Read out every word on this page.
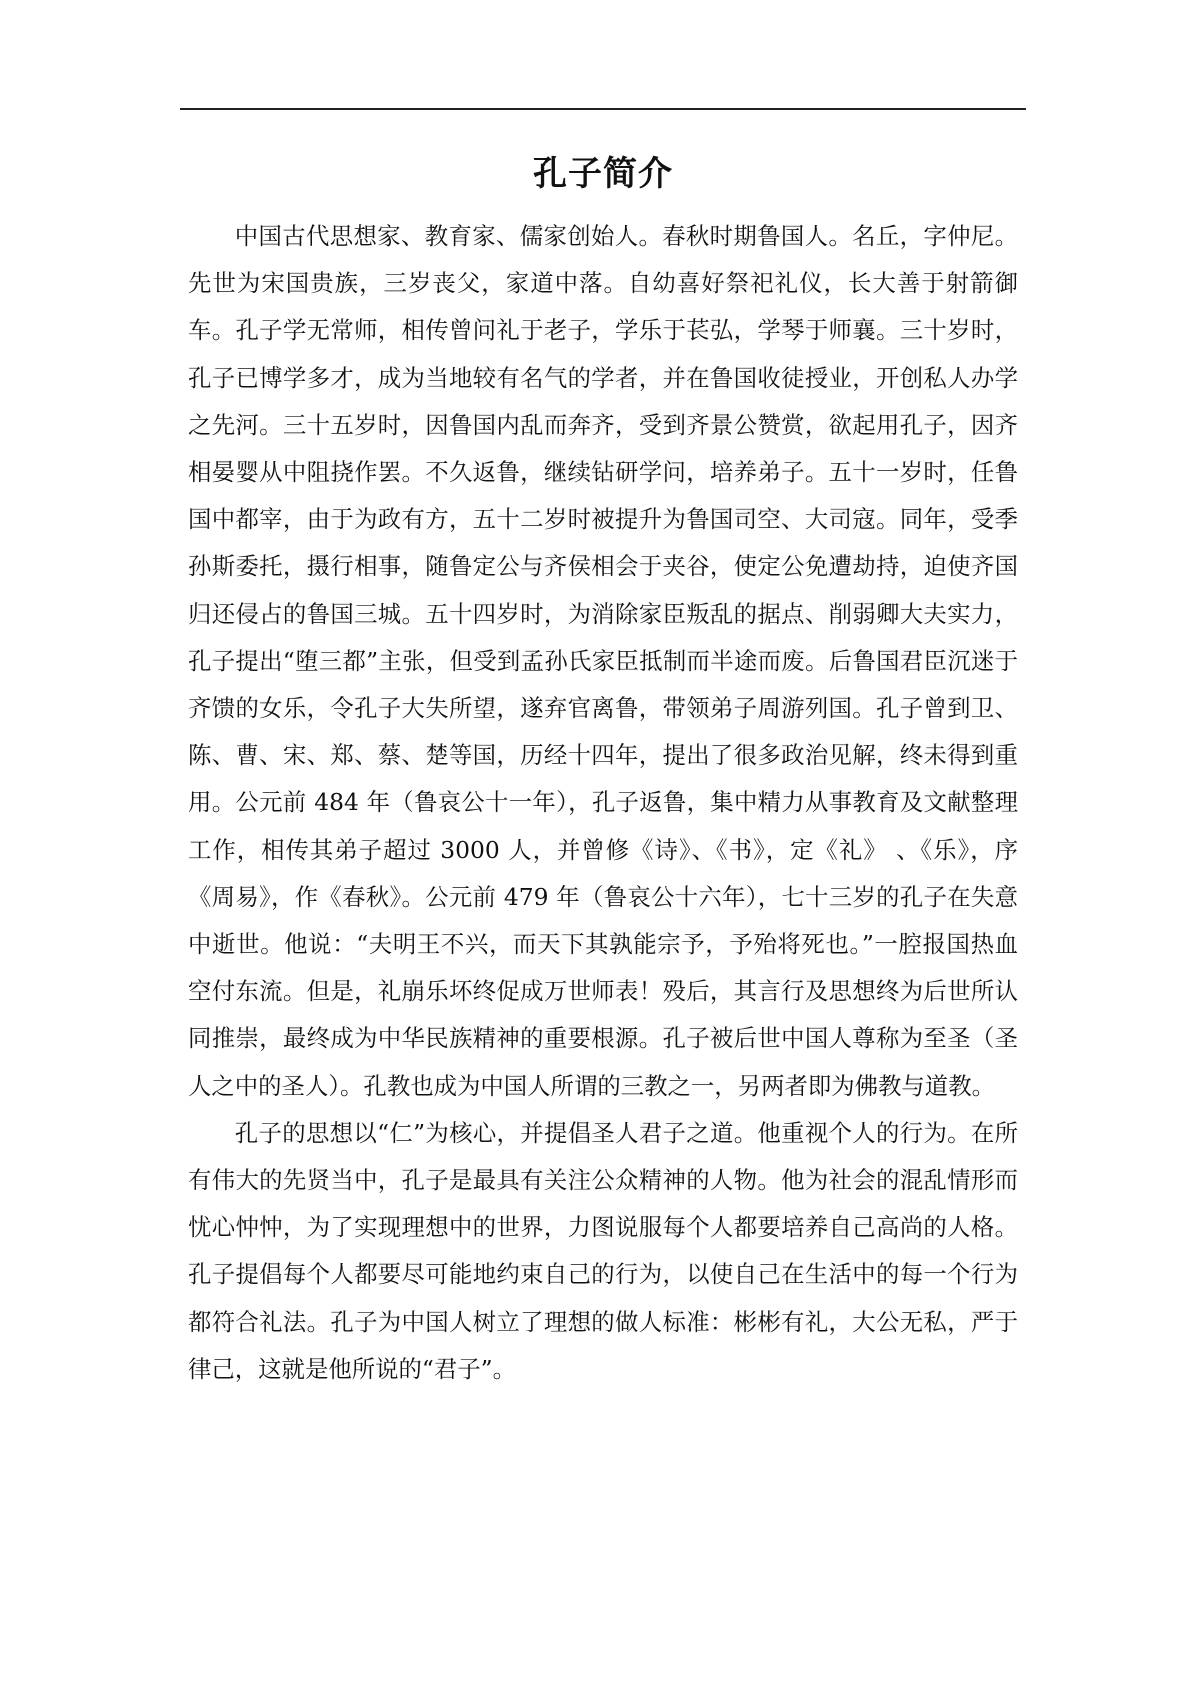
孔子简介

中国古代思想家、教育家、儒家创始人。春秋时期鲁国人。名丘，字仲尼。先世为宋国贵族，三岁丧父，家道中落。自幼喜好祭祀礼仪，长大善于射箭御车。孔子学无常师，相传曾问礼于老子，学乐于苌弘，学琴于师襄。三十岁时，孔子已博学多才，成为当地较有名气的学者，并在鲁国收徒授业，开创私人办学之先河。三十五岁时，因鲁国内乱而奔齐，受到齐景公赞赏，欲起用孔子，因齐相晏婴从中阻挠作罢。不久返鲁，继续钻研学问，培养弟子。五十一岁时，任鲁国中都宰，由于为政有方，五十二岁时被提升为鲁国司空、大司寇。同年，受季孙斯委托，摄行相事，随鲁定公与齐侯相会于夹谷，使定公免遭劫持，迫使齐国归还侵占的鲁国三城。五十四岁时，为消除家臣叛乱的据点、削弱卿大夫实力，孔子提出“堕三都”主张，但受到孟孙氏家臣抵制而半途而废。后鲁国君臣沉迷于齐馈的女乐，令孔子大失所望，遂弃官离鲁，带领弟子周游列国。孔子曾到卫、陈、曹、宋、郑、蔡、楚等国，历经十四年，提出了很多政治见解，终未得到重用。公元前 484 年（鲁哀公十一年），孔子返鲁，集中精力从事教育及文献整理工作，相传其弟子超过 3000 人，并曾修《诗》、《书》，定《礼》 、《乐》，序《周易》，作《春秋》。公元前 479 年（鲁哀公十六年），七十三岁的孔子在失意中逝世。他说：“夫明王不兴，而天下其孰能宗予，予殆将死也。”一腔报国热血空付东流。但是，礼崩乐坏终促成万世师表！殁后，其言行及思想终为后世所认同推崇，最终成为中华民族精神的重要根源。孔子被后世中国人尊称为至圣（圣人之中的圣人）。孔教也成为中国人所谓的三教之一，另两者即为佛教与道教。

孔子的思想以“仁”为核心，并提倡圣人君子之道。他重视个人的行为。在所有伟大的先贤当中，孔子是最具有关注公众精神的人物。他为社会的混乱情形而忧心忡忡，为了实现理想中的世界，力图说服每个人都要培养自己高尚的人格。孔子提倡每个人都要尽可能地约束自己的行为，以使自己在生活中的每一个行为都符合礼法。孔子为中国人树立了理想的做人标准：彬彬有礼，大公无私，严于律己，这就是他所说的“君子”。
